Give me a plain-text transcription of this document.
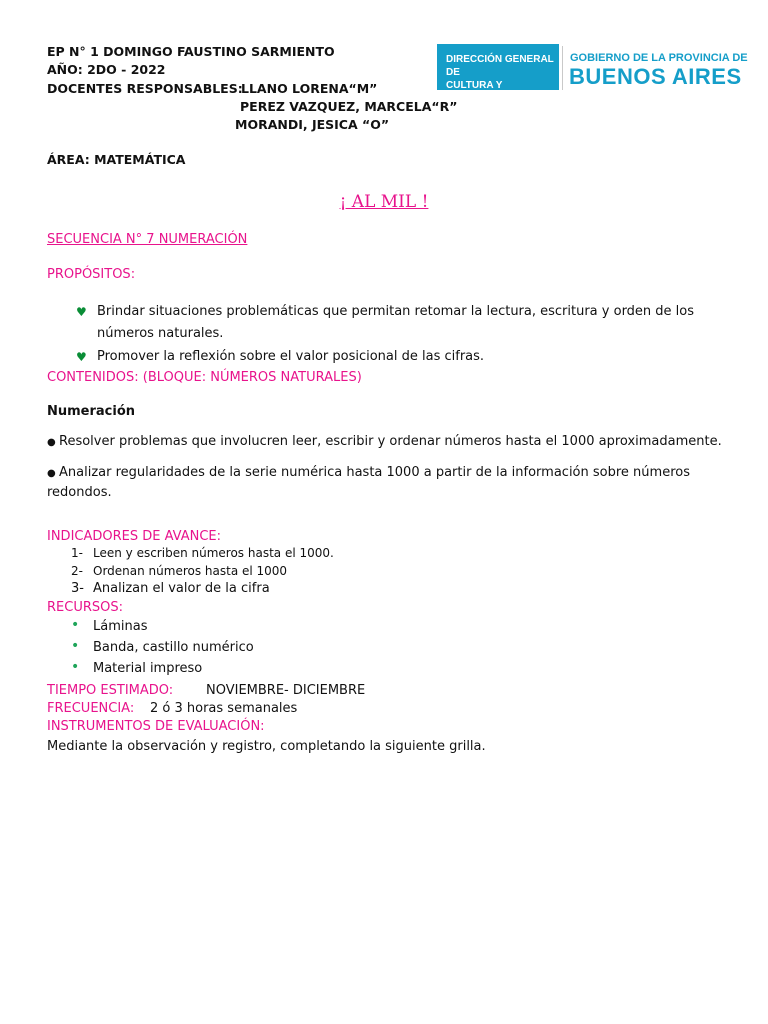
EP N° 1 DOMINGO FAUSTINO SARMIENTO
AÑO: 2DO - 2022
DOCENTES RESPONSABLES:
LLANO LORENA“M”
PEREZ VAZQUEZ, MARCELA“R”
MORANDI, JESICA “O”
ÁREA: MATEMÁTICA
DIRECCIÓN GENERAL DE
CULTURA Y EDUCACIÓN
GOBIERNO DE LA PROVINCIA DE
BUENOS AIRES
¡ AL MIL !
SECUENCIA N° 7 NUMERACIÓN
PROPÓSITOS:
♥ Brindar situaciones problemáticas que permitan retomar la lectura, escritura y orden de los
números naturales.
♥ Promover la reflexión sobre el valor posicional de las cifras.
CONTENIDOS: (BLOQUE: NÚMEROS NATURALES)
Numeración
● Resolver problemas que involucren leer, escribir y ordenar números hasta el 1000 aproximadamente.
● Analizar regularidades de la serie numérica hasta 1000 a partir de la información sobre números
redondos.
INDICADORES DE AVANCE:
1- Leen y escriben números hasta el 1000.
2- Ordenan números hasta el 1000
3- Analizan el valor de la cifra
RECURSOS:
• Láminas
• Banda, castillo numérico
• Material impreso
TIEMPO ESTIMADO:	NOVIEMBRE- DICIEMBRE
FRECUENCIA: 2 ó 3 horas semanales
INSTRUMENTOS DE EVALUACIÓN:
Mediante la observación y registro, completando la siguiente grilla.
